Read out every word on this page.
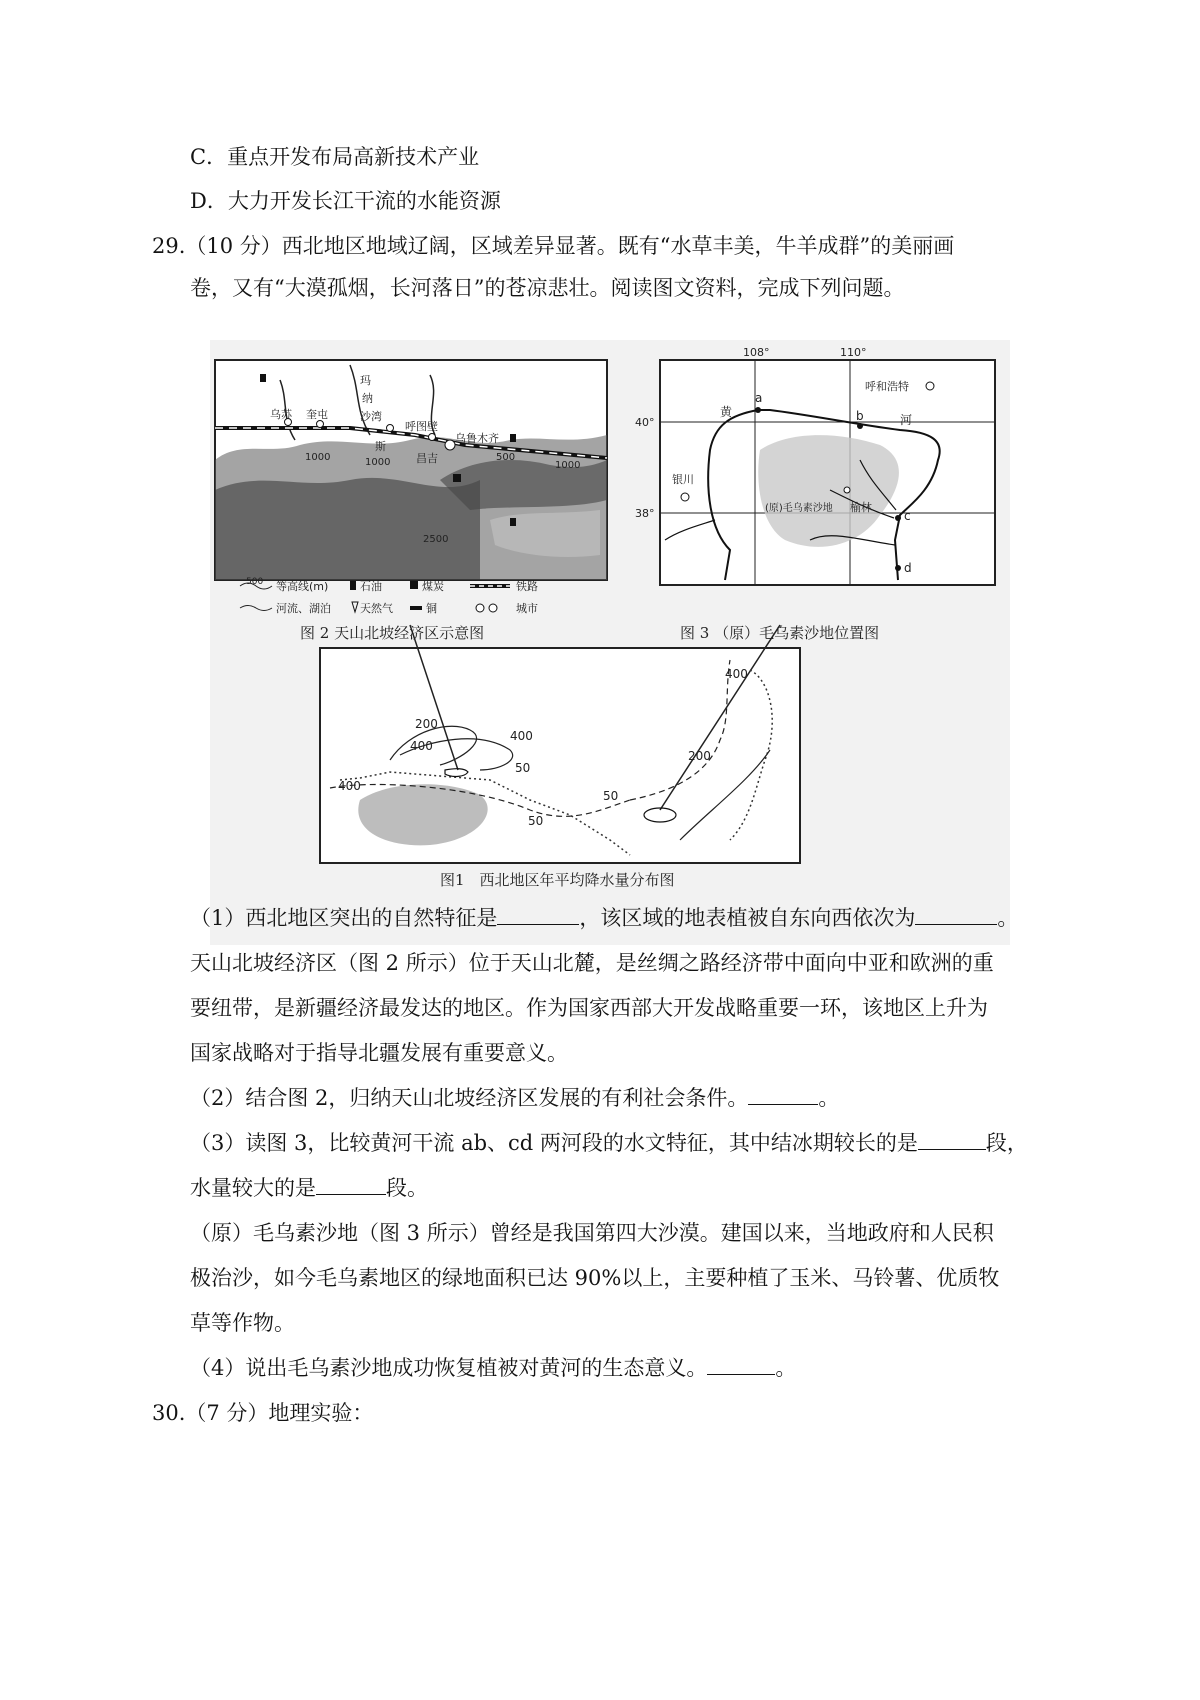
C．重点开发布局高新技术产业
D．大力开发长江干流的水能资源
29.（10 分）西北地区地域辽阔，区域差异显著。既有“水草丰美，牛羊成群”的美丽画
卷，又有“大漠孤烟，长河落日”的苍凉悲壮。阅读图文资料，完成下列问题。
乌苏 奎屯	沙湾
玛
纳
斯
呼图壁
昌吉
乌鲁木齐
1000	1000	1000
500
2500
500 等高线(m)	石油	煤炭	铁路
河流、湖泊	天然气	铜	城市
图 2 天山北坡经济区示意图
108°	110°
40°
38°
黄
河
a
b
c
d
呼和浩特
银川
(原)毛乌素沙地 榆林
图 3 （原）毛乌素沙地位置图
200
400
400
400
50
400
50
50
200
图1　西北地区年平均降水量分布图
（1）西北地区突出的自然特征是	，该区域的地表植被自东向西依次为	。
天山北坡经济区（图 2 所示）位于天山北麓，是丝绸之路经济带中面向中亚和欧洲的重
要纽带，是新疆经济最发达的地区。作为国家西部大开发战略重要一环，该地区上升为
国家战略对于指导北疆发展有重要意义。
（2）结合图 2，归纳天山北坡经济区发展的有利社会条件。	。
（3）读图 3，比较黄河干流 ab、cd 两河段的水文特征，其中结冰期较长的是	段，
水量较大的是	段。
（原）毛乌素沙地（图 3 所示）曾经是我国第四大沙漠。建国以来，当地政府和人民积
极治沙，如今毛乌素地区的绿地面积已达 90%以上，主要种植了玉米、马铃薯、优质牧
草等作物。
（4）说出毛乌素沙地成功恢复植被对黄河的生态意义。	。
30.（7 分）地理实验：
